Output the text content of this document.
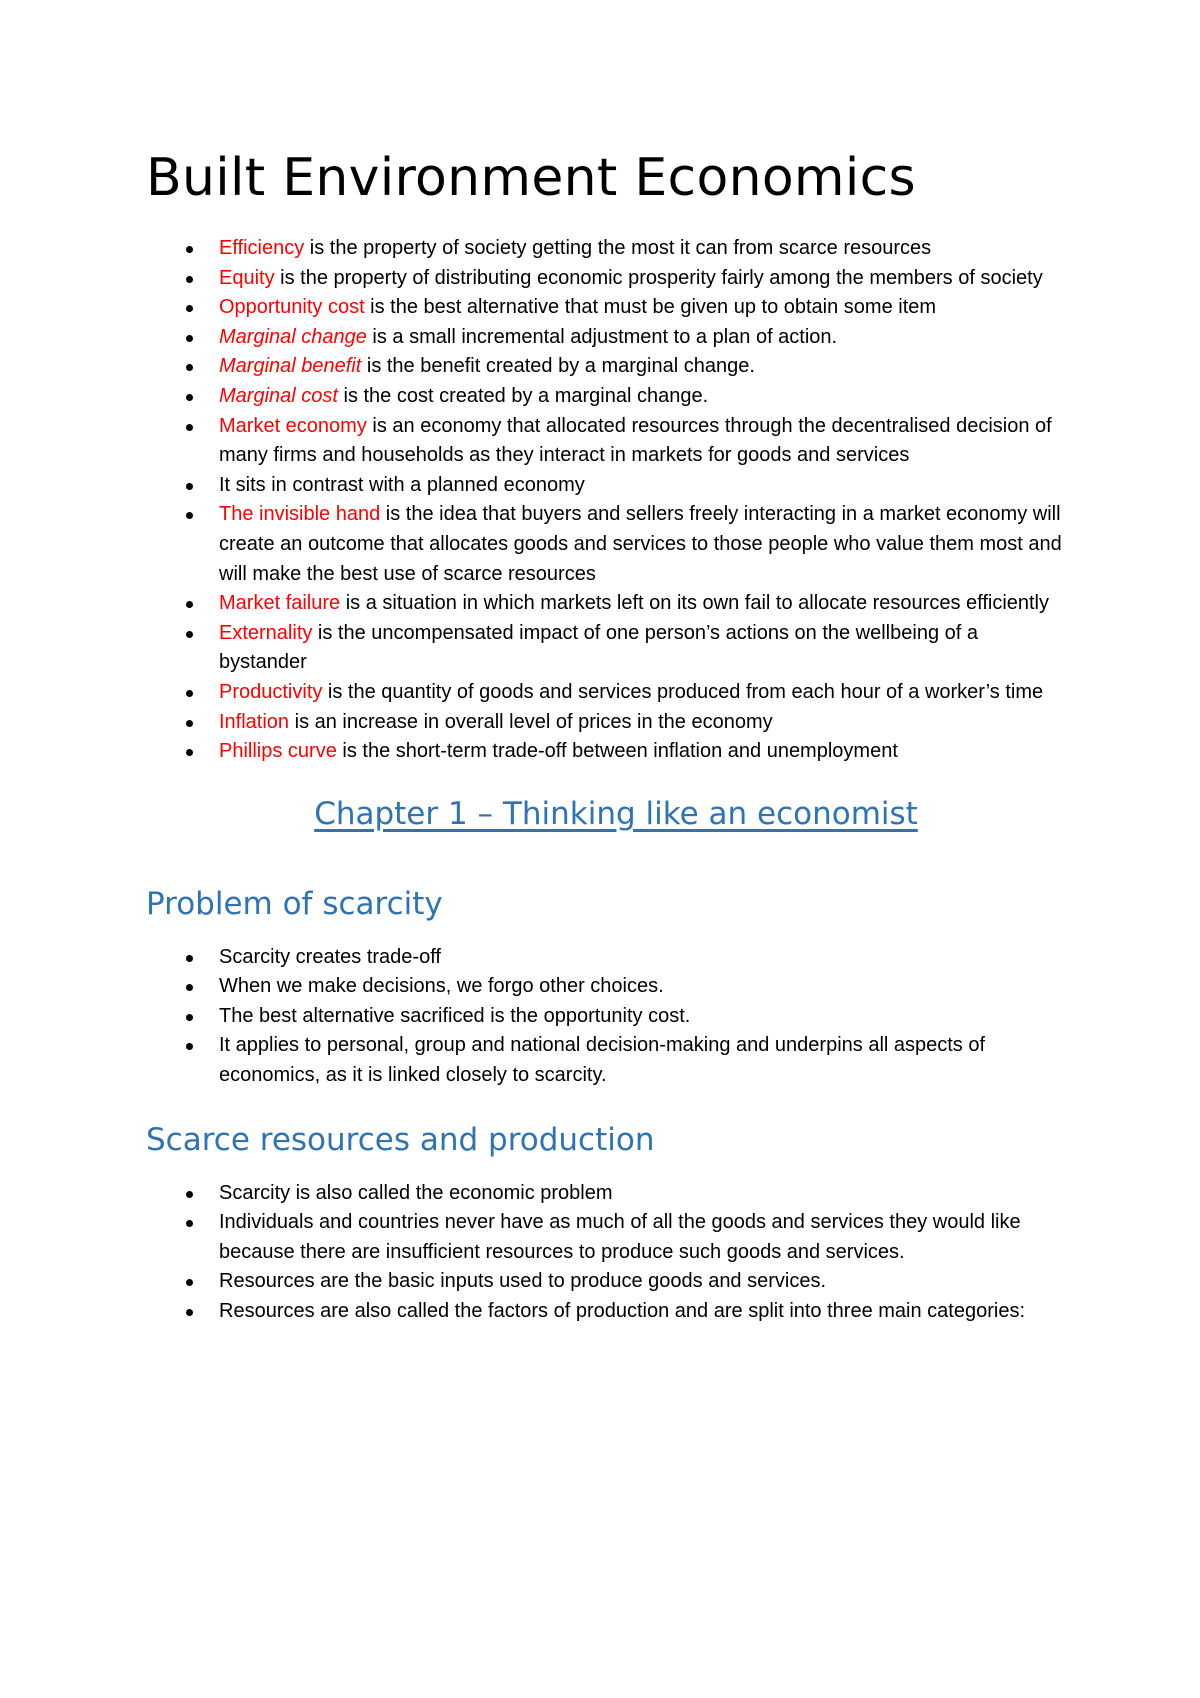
Built Environment Economics
Efficiency is the property of society getting the most it can from scarce resources
Equity is the property of distributing economic prosperity fairly among the members of society
Opportunity cost is the best alternative that must be given up to obtain some item
Marginal change is a small incremental adjustment to a plan of action.
Marginal benefit is the benefit created by a marginal change.
Marginal cost is the cost created by a marginal change.
Market economy is an economy that allocated resources through the decentralised decision of many firms and households as they interact in markets for goods and services
It sits in contrast with a planned economy
The invisible hand is the idea that buyers and sellers freely interacting in a market economy will create an outcome that allocates goods and services to those people who value them most and will make the best use of scarce resources
Market failure is a situation in which markets left on its own fail to allocate resources efficiently
Externality is the uncompensated impact of one person’s actions on the wellbeing of a bystander
Productivity is the quantity of goods and services produced from each hour of a worker’s time
Inflation is an increase in overall level of prices in the economy
Phillips curve is the short-term trade-off between inflation and unemployment
Chapter 1 – Thinking like an economist
Problem of scarcity
Scarcity creates trade-off
When we make decisions, we forgo other choices.
The best alternative sacrificed is the opportunity cost.
It applies to personal, group and national decision-making and underpins all aspects of economics, as it is linked closely to scarcity.
Scarce resources and production
Scarcity is also called the economic problem
Individuals and countries never have as much of all the goods and services they would like because there are insufficient resources to produce such goods and services.
Resources are the basic inputs used to produce goods and services.
Resources are also called the factors of production and are split into three main categories:
